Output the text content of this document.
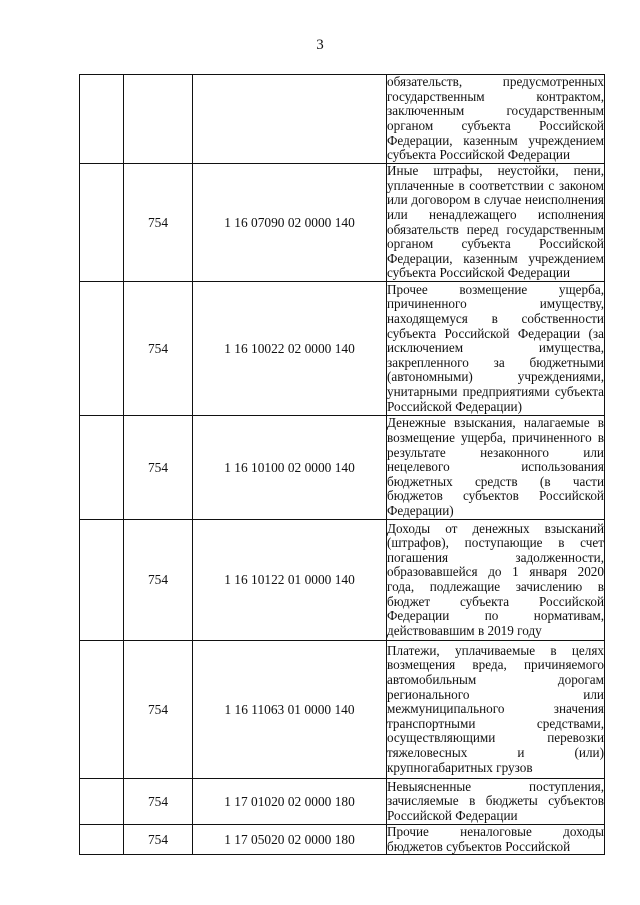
3

			обязательств, предусмотренных государственным контрактом, заключенным государственным органом субъекта Российской Федерации, казенным учреждением субъекта Российской Федерации

	754	1 16 07090 02 0000 140	Иные штрафы, неустойки, пени, уплаченные в соответствии с законом или договором в случае неисполнения или ненадлежащего исполнения обязательств перед государственным органом субъекта Российской Федерации, казенным учреждением субъекта Российской Федерации

	754	1 16 10022 02 0000 140	Прочее возмещение ущерба, причиненного имуществу, находящемуся в собственности субъекта Российской Федерации (за исключением имущества, закрепленного за бюджетными (автономными) учреждениями, унитарными предприятиями субъекта Российской Федерации)

	754	1 16 10100 02 0000 140	Денежные взыскания, налагаемые в возмещение ущерба, причиненного в результате незаконного или нецелевого использования бюджетных средств (в части бюджетов субъектов Российской Федерации)

	754	1 16 10122 01 0000 140	Доходы от денежных взысканий (штрафов), поступающие в счет погашения задолженности, образовавшейся до 1 января 2020 года, подлежащие зачислению в бюджет субъекта Российской Федерации по нормативам, действовавшим в 2019 году

	754	1 16 11063 01 0000 140	Платежи, уплачиваемые в целях возмещения вреда, причиняемого автомобильным дорогам регионального или межмуниципального значения транспортными средствами, осуществляющими перевозки тяжеловесных и (или) крупногабаритных грузов

	754	1 17 01020 02 0000 180	Невыясненные поступления, зачисляемые в бюджеты субъектов Российской Федерации

	754	1 17 05020 02 0000 180	Прочие неналоговые доходы бюджетов субъектов Российской
